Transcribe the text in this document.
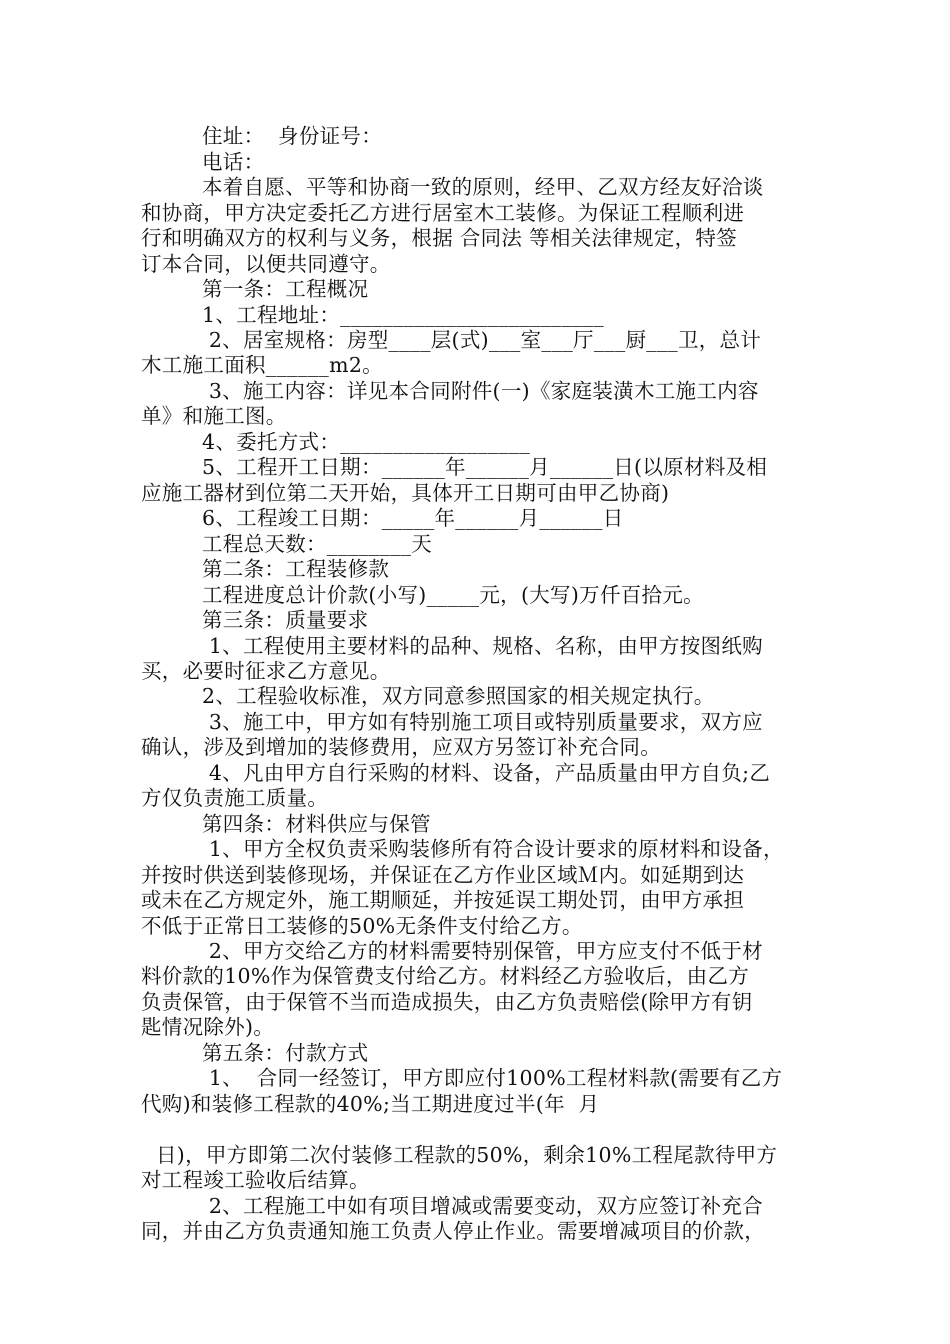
住址：  身份证号：
电话：
本着自愿、平等和协商一致的原则，经甲、乙双方经友好洽谈
和协商，甲方决定委托乙方进行居室木工装修。为保证工程顺利进
行和明确双方的权利与义务，根据 合同法 等相关法律规定，特签
订本合同，以便共同遵守。
第一条：工程概况
1、工程地址：_________________________
2、居室规格：房型____层(式)___室___厅___厨___卫，总计
木工施工面积______m2。
3、施工内容：详见本合同附件(一)《家庭装潢木工施工内容
单》和施工图。
4、委托方式：__________________
5、工程开工日期：______年______月______日(以原材料及相
应施工器材到位第二天开始，具体开工日期可由甲乙协商)
6、工程竣工日期：_____年______月______日
工程总天数：________天
第二条：工程装修款
工程进度总计价款(小写)_____元，(大写)万仟百拾元。
第三条：质量要求
1、工程使用主要材料的品种、规格、名称，由甲方按图纸购
买，必要时征求乙方意见。
2、工程验收标准，双方同意参照国家的相关规定执行。
3、施工中，甲方如有特别施工项目或特别质量要求，双方应
确认，涉及到增加的装修费用，应双方另签订补充合同。
4、凡由甲方自行采购的材料、设备，产品质量由甲方自负;乙
方仅负责施工质量。
第四条：材料供应与保管
1、甲方全权负责采购装修所有符合设计要求的原材料和设备，
并按时供送到装修现场，并保证在乙方作业区域Ｍ内。如延期到达
或未在乙方规定外，施工期顺延，并按延误工期处罚，由甲方承担
不低于正常日工装修的50%无条件支付给乙方。
2、甲方交给乙方的材料需要特别保管，甲方应支付不低于材
料价款的10%作为保管费支付给乙方。材料经乙方验收后，由乙方
负责保管，由于保管不当而造成损失，由乙方负责赔偿(除甲方有钥
匙情况除外)。
第五条：付款方式
1、  合同一经签订，甲方即应付100%工程材料款(需要有乙方
代购)和装修工程款的40%;当工期进度过半(年  月
日)，甲方即第二次付装修工程款的50%，剩余10%工程尾款待甲方
对工程竣工验收后结算。
2、工程施工中如有项目增减或需要变动，双方应签订补充合
同，并由乙方负责通知施工负责人停止作业。需要增减项目的价款，
